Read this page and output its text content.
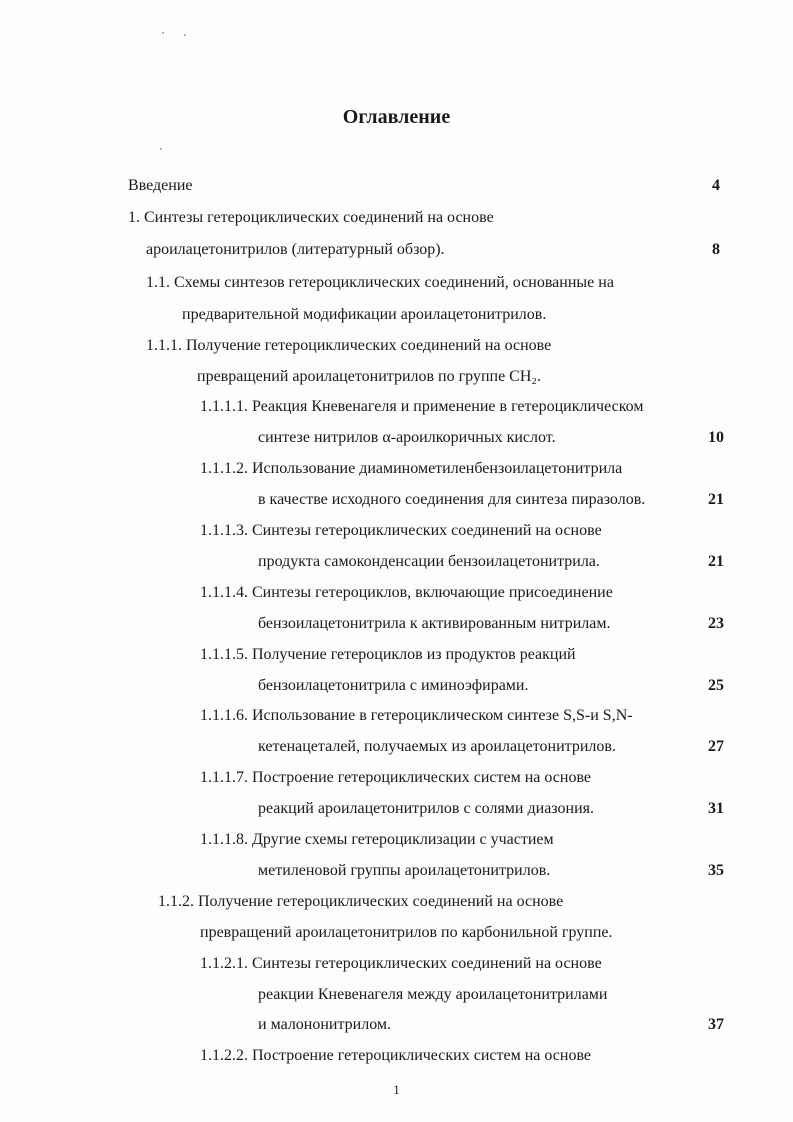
Оглавление
Введение	4
1. Синтезы гетероциклических соединений на основе
ароилацетонитрилов (литературный обзор).	8
1.1. Схемы синтезов гетероциклических соединений, основанные на
предварительной модификации ароилацетонитрилов.
1.1.1. Получение гетероциклических соединений на основе
превращений ароилацетонитрилов по группе CH₂.
1.1.1.1. Реакция Кневенагеля и применение в гетероциклическом
синтезе нитрилов α-ароилкоричных кислот.	10
1.1.1.2. Использование диаминометиленбензоилацетонитрила
в качестве исходного соединения для синтеза пиразолов.	21
1.1.1.3. Синтезы гетероциклических соединений на основе
продукта самоконденсации бензоилацетонитрила.	21
1.1.1.4. Синтезы гетероциклов, включающие присоединение
бензоилацетонитрила к активированным нитрилам.	23
1.1.1.5. Получение гетероциклов из продуктов реакций
бензоилацетонитрила с иминоэфирами.	25
1.1.1.6. Использование в гетероциклическом синтезе S,S-и S,N-
кетенацеталей, получаемых из ароилацетонитрилов.	27
1.1.1.7. Построение гетероциклических систем на основе
реакций ароилацетонитрилов с солями диазония.	31
1.1.1.8. Другие схемы гетероциклизации с участием
метиленовой группы ароилацетонитрилов.	35
1.1.2. Получение гетероциклических соединений на основе
превращений ароилацетонитрилов по карбонильной группе.
1.1.2.1. Синтезы гетероциклических соединений на основе
реакции Кневенагеля между ароилацетонитрилами
и малононитрилом.	37
1.1.2.2. Построение гетероциклических систем на основе
1
